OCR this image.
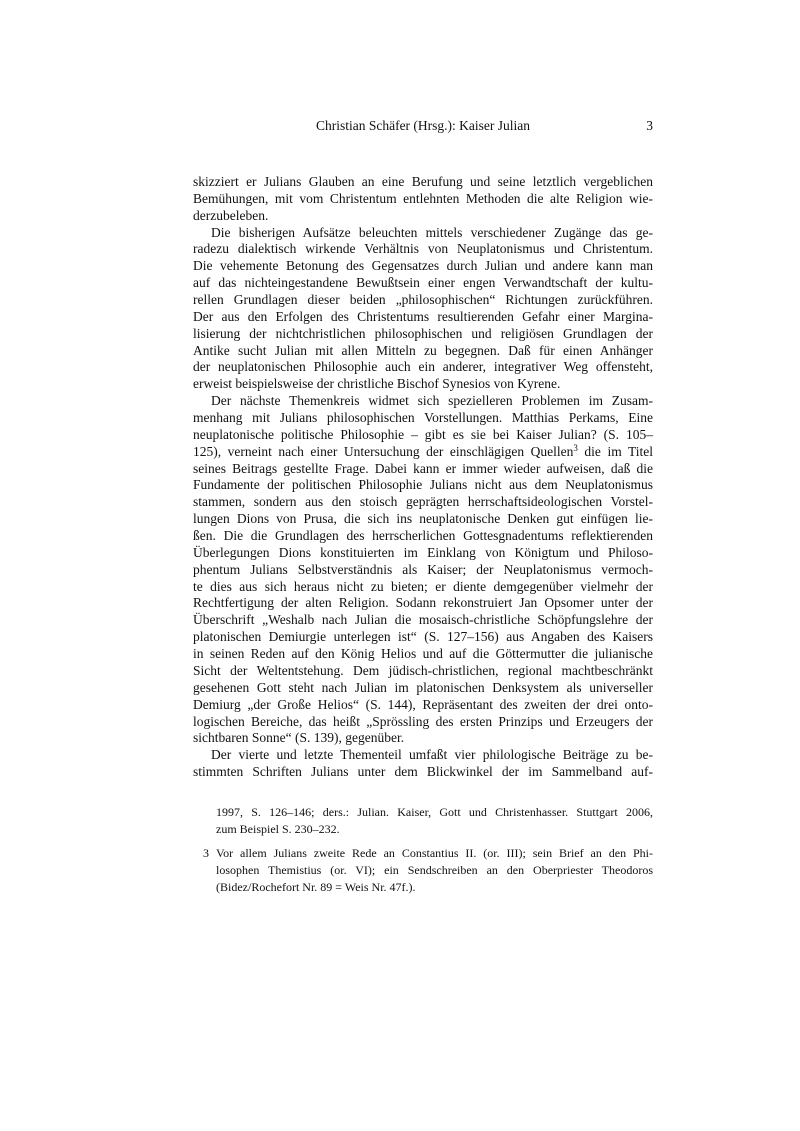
Christian Schäfer (Hrsg.): Kaiser Julian	3
skizziert er Julians Glauben an eine Berufung und seine letztlich vergeblichen
Bemühungen, mit vom Christentum entlehnten Methoden die alte Religion wie-
derzubeleben.
Die bisherigen Aufsätze beleuchten mittels verschiedener Zugänge das ge-
radezu dialektisch wirkende Verhältnis von Neuplatonismus und Christentum.
Die vehemente Betonung des Gegensatzes durch Julian und andere kann man
auf das nichteingestandene Bewußtsein einer engen Verwandtschaft der kultu-
rellen Grundlagen dieser beiden „philosophischen“ Richtungen zurückführen.
Der aus den Erfolgen des Christentums resultierenden Gefahr einer Margina-
lisierung der nichtchristlichen philosophischen und religiösen Grundlagen der
Antike sucht Julian mit allen Mitteln zu begegnen. Daß für einen Anhänger
der neuplatonischen Philosophie auch ein anderer, integrativer Weg offensteht,
erweist beispielsweise der christliche Bischof Synesios von Kyrene.
Der nächste Themenkreis widmet sich spezielleren Problemen im Zusam-
menhang mit Julians philosophischen Vorstellungen. Matthias Perkams, Eine
neuplatonische politische Philosophie – gibt es sie bei Kaiser Julian? (S. 105–
125), verneint nach einer Untersuchung der einschlägigen Quellen$^3$ die im Titel
seines Beitrags gestellte Frage. Dabei kann er immer wieder aufweisen, daß die
Fundamente der politischen Philosophie Julians nicht aus dem Neuplatonismus
stammen, sondern aus den stoisch geprägten herrschaftsideologischen Vorstel-
lungen Dions von Prusa, die sich ins neuplatonische Denken gut einfügen lie-
ßen. Die die Grundlagen des herrscherlichen Gottesgnadentums reflektierenden
Überlegungen Dions konstituierten im Einklang von Königtum und Philoso-
phentum Julians Selbstverständnis als Kaiser; der Neuplatonismus vermoch-
te dies aus sich heraus nicht zu bieten; er diente demgegenüber vielmehr der
Rechtfertigung der alten Religion. Sodann rekonstruiert Jan Opsomer unter der
Überschrift „Weshalb nach Julian die mosaisch-christliche Schöpfungslehre der
platonischen Demiurgie unterlegen ist“ (S. 127–156) aus Angaben des Kaisers
in seinen Reden auf den König Helios und auf die Göttermutter die julianische
Sicht der Weltentstehung. Dem jüdisch-christlichen, regional machtbeschränkt
gesehenen Gott steht nach Julian im platonischen Denksystem als universeller
Demiurg „der Große Helios“ (S. 144), Repräsentant des zweiten der drei onto-
logischen Bereiche, das heißt „Sprössling des ersten Prinzips und Erzeugers der
sichtbaren Sonne“ (S. 139), gegenüber.
Der vierte und letzte Thementeil umfaßt vier philologische Beiträge zu be-
stimmten Schriften Julians unter dem Blickwinkel der im Sammelband auf-
1997, S. 126–146; ders.: Julian. Kaiser, Gott und Christenhasser. Stuttgart 2006,
zum Beispiel S. 230–232.
3 Vor allem Julians zweite Rede an Constantius II. (or. III); sein Brief an den Phi-
losophen Themistius (or. VI); ein Sendschreiben an den Oberpriester Theodoros
(Bidez/Rochefort Nr. 89 = Weis Nr. 47f.).
